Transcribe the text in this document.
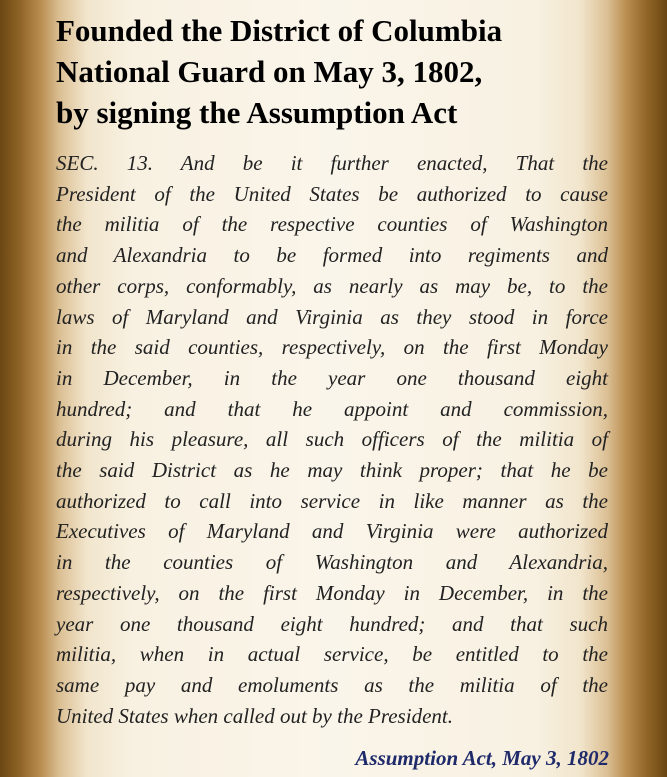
Founded the District of Columbia
National Guard on May 3, 1802,
by signing the Assumption Act
SEC. 13. And be it further enacted, That the
President of the United States be authorized to cause
the militia of the respective counties of Washington
and Alexandria to be formed into regiments and
other corps, conformably, as nearly as may be, to the
laws of Maryland and Virginia as they stood in force
in the said counties, respectively, on the first Monday
in December, in the year one thousand eight
hundred; and that he appoint and commission,
during his pleasure, all such officers of the militia of
the said District as he may think proper; that he be
authorized to call into service in like manner as the
Executives of Maryland and Virginia were authorized
in the counties of Washington and Alexandria,
respectively, on the first Monday in December, in the
year one thousand eight hundred; and that such
militia, when in actual service, be entitled to the
same pay and emoluments as the militia of the
United States when called out by the President.

Assumption Act, May 3, 1802
